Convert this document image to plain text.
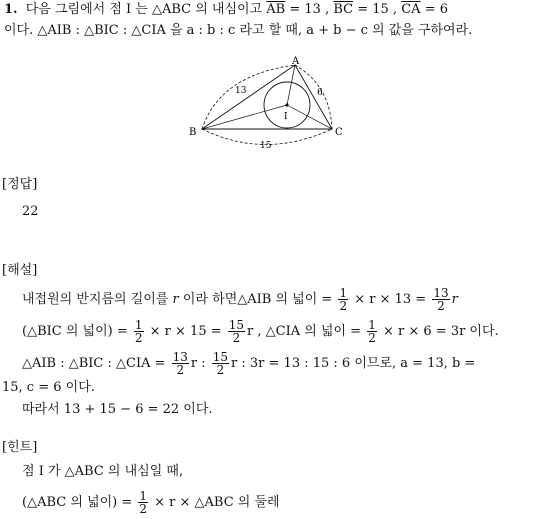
1. 다음 그림에서 점 I 는 △ABC 의 내심이고 $\overline{AB} = 13$ , $\overline{BC} = 15$ , $\overline{CA} = 6$
이다. △AIB : △BIC : △CIA 을 a : b : c 라고 할 때, a + b − c 의 값을 구하여라.
A
B	C
I
13	6
15
[정답]
22
[해설]
내접원의 반지름의 길이를 r 이라 하면△AIB 의 넓이 = $\frac{1}{2} \times r \times 13 = \frac{13}{2}$ r
(△BIC 의 넓이) = $\frac{1}{2} \times r \times 15 = \frac{15}{2}$ r , △CIA 의 넓이 = $\frac{1}{2} \times r \times 6 = 3r$ 이다.
△AIB : △BIC : △CIA = $\frac{13}{2}$ r : $\frac{15}{2}$ r : 3r = 13 : 15 : 6 이므로, a = 13, b =
15, c = 6 이다.
따라서 13 + 15 − 6 = 22 이다.
[힌트]
점 I 가 △ABC 의 내심일 때,
(△ABC 의 넓이) = $\frac{1}{2} \times r$ × △ABC 의 둘레
